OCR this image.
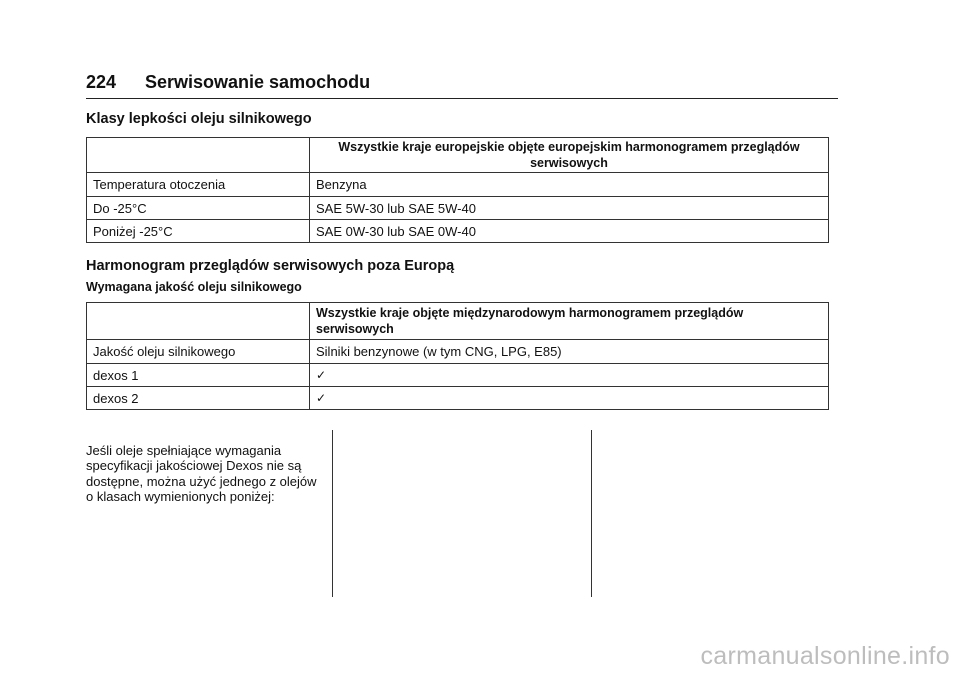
224 Serwisowanie samochodu
Klasy lepkości oleju silnikowego
	Wszystkie kraje europejskie objęte europejskim harmonogramem przeglądów serwisowych
Temperatura otoczenia	Benzyna
Do -25°C	SAE 5W-30 lub SAE 5W-40
Poniżej -25°C	SAE 0W-30 lub SAE 0W-40
Harmonogram przeglądów serwisowych poza Europą
Wymagana jakość oleju silnikowego
	Wszystkie kraje objęte międzynarodowym harmonogramem przeglądów serwisowych
Jakość oleju silnikowego	Silniki benzynowe (w tym CNG, LPG, E85)
dexos 1	✓
dexos 2	✓
Jeśli oleje spełniające wymagania specyfikacji jakościowej Dexos nie są dostępne, można użyć jednego z olejów o klasach wymienionych poniżej:
carmanualsonline.info
